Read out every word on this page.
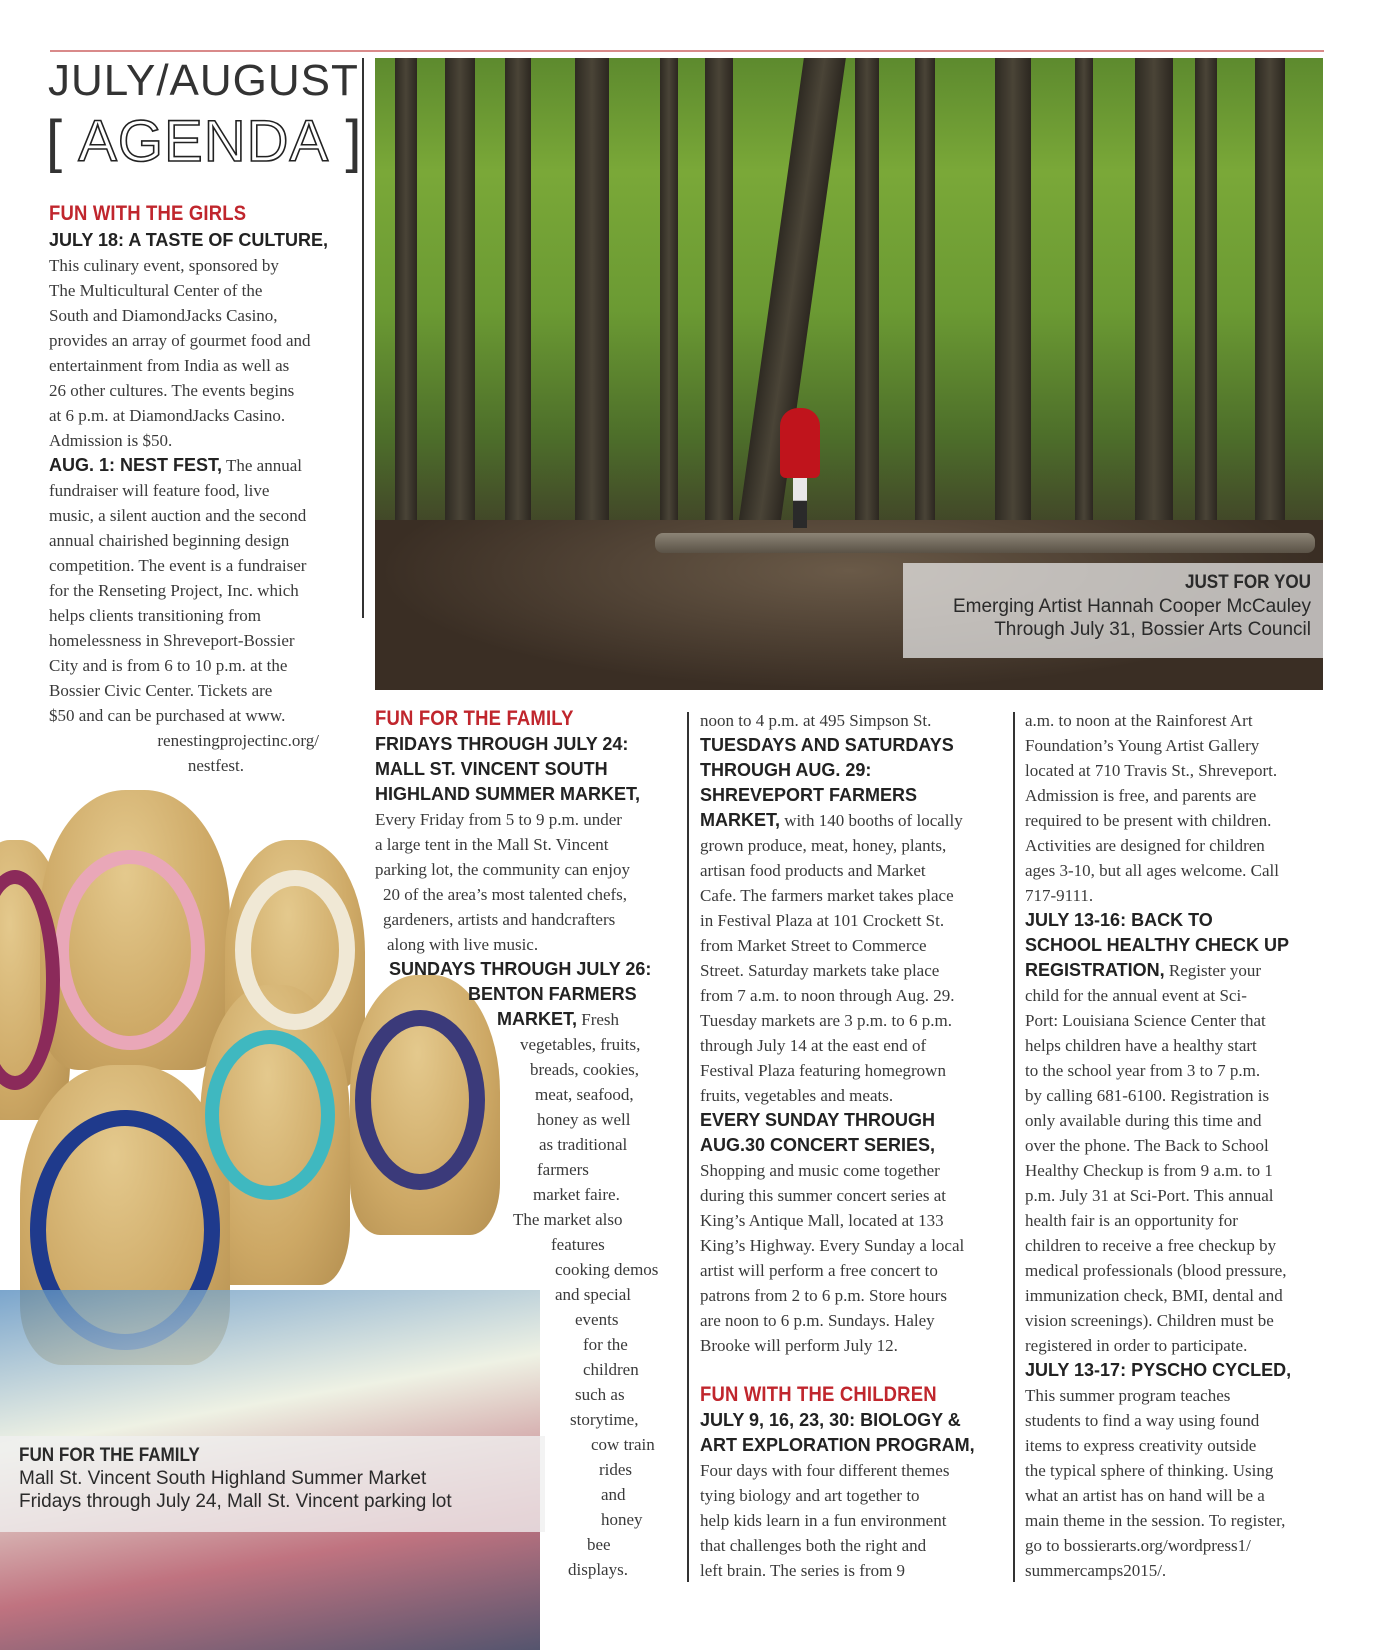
JULY/AUGUST
[ AGENDA ]
FUN WITH THE GIRLS
JULY 18: A TASTE OF CULTURE,
This culinary event, sponsored by
The Multicultural Center of the
South and DiamondJacks Casino,
provides an array of gourmet food and
entertainment from India as well as
26 other cultures. The events begins
at 6 p.m. at DiamondJacks Casino.
Admission is $50.
AUG. 1: NEST FEST, The annual
fundraiser will feature food, live
music, a silent auction and the second
annual chairished beginning design
competition. The event is a fundraiser
for the Renseting Project, Inc. which
helps clients transitioning from
homelessness in Shreveport-Bossier
City and is from 6 to 10 p.m. at the
Bossier Civic Center. Tickets are
$50 and can be purchased at www.
renestingprojectinc.org/
nestfest.
JUST FOR YOU
Emerging Artist Hannah Cooper McCauley
Through July 31, Bossier Arts Council
FUN FOR THE FAMILY
Mall St. Vincent South Highland Summer Market
Fridays through July 24, Mall St. Vincent parking lot
FUN FOR THE FAMILY
FRIDAYS THROUGH JULY 24:
MALL ST. VINCENT SOUTH
HIGHLAND SUMMER MARKET,
Every Friday from 5 to 9 p.m. under
a large tent in the Mall St. Vincent
parking lot, the community can enjoy
20 of the area’s most talented chefs,
gardeners, artists and handcrafters
along with live music.
SUNDAYS THROUGH JULY 26:
BENTON FARMERS
MARKET, Fresh
vegetables, fruits,
breads, cookies,
meat, seafood,
honey as well
as traditional
farmers
market faire.
The market also
features
cooking demos
and special
events
for the
children
such as
storytime,
cow train
rides
and
honey
bee
displays.
noon to 4 p.m. at 495 Simpson St.
TUESDAYS AND SATURDAYS
THROUGH AUG. 29:
SHREVEPORT FARMERS
MARKET, with 140 booths of locally
grown produce, meat, honey, plants,
artisan food products and Market
Cafe. The farmers market takes place
in Festival Plaza at 101 Crockett St.
from Market Street to Commerce
Street. Saturday markets take place
from 7 a.m. to noon through Aug. 29.
Tuesday markets are 3 p.m. to 6 p.m.
through July 14 at the east end of
Festival Plaza featuring homegrown
fruits, vegetables and meats.
EVERY SUNDAY THROUGH
AUG.30 CONCERT SERIES,
Shopping and music come together
during this summer concert series at
King’s Antique Mall, located at 133
King’s Highway. Every Sunday a local
artist will perform a free concert to
patrons from 2 to 6 p.m. Store hours
are noon to 6 p.m. Sundays. Haley
Brooke will perform July 12.
FUN WITH THE CHILDREN
JULY 9, 16, 23, 30: BIOLOGY &
ART EXPLORATION PROGRAM,
Four days with four different themes
tying biology and art together to
help kids learn in a fun environment
that challenges both the right and
left brain. The series is from 9
a.m. to noon at the Rainforest Art
Foundation’s Young Artist Gallery
located at 710 Travis St., Shreveport.
Admission is free, and parents are
required to be present with children.
Activities are designed for children
ages 3-10, but all ages welcome. Call
717-9111.
JULY 13-16: BACK TO
SCHOOL HEALTHY CHECK UP
REGISTRATION, Register your
child for the annual event at Sci-
Port: Louisiana Science Center that
helps children have a healthy start
to the school year from 3 to 7 p.m.
by calling 681-6100. Registration is
only available during this time and
over the phone. The Back to School
Healthy Checkup is from 9 a.m. to 1
p.m. July 31 at Sci-Port. This annual
health fair is an opportunity for
children to receive a free checkup by
medical professionals (blood pressure,
immunization check, BMI, dental and
vision screenings). Children must be
registered in order to participate.
JULY 13-17: PYSCHO CYCLED,
This summer program teaches
students to find a way using found
items to express creativity outside
the typical sphere of thinking. Using
what an artist has on hand will be a
main theme in the session. To register,
go to bossierarts.org/wordpress1/
summercamps2015/.
